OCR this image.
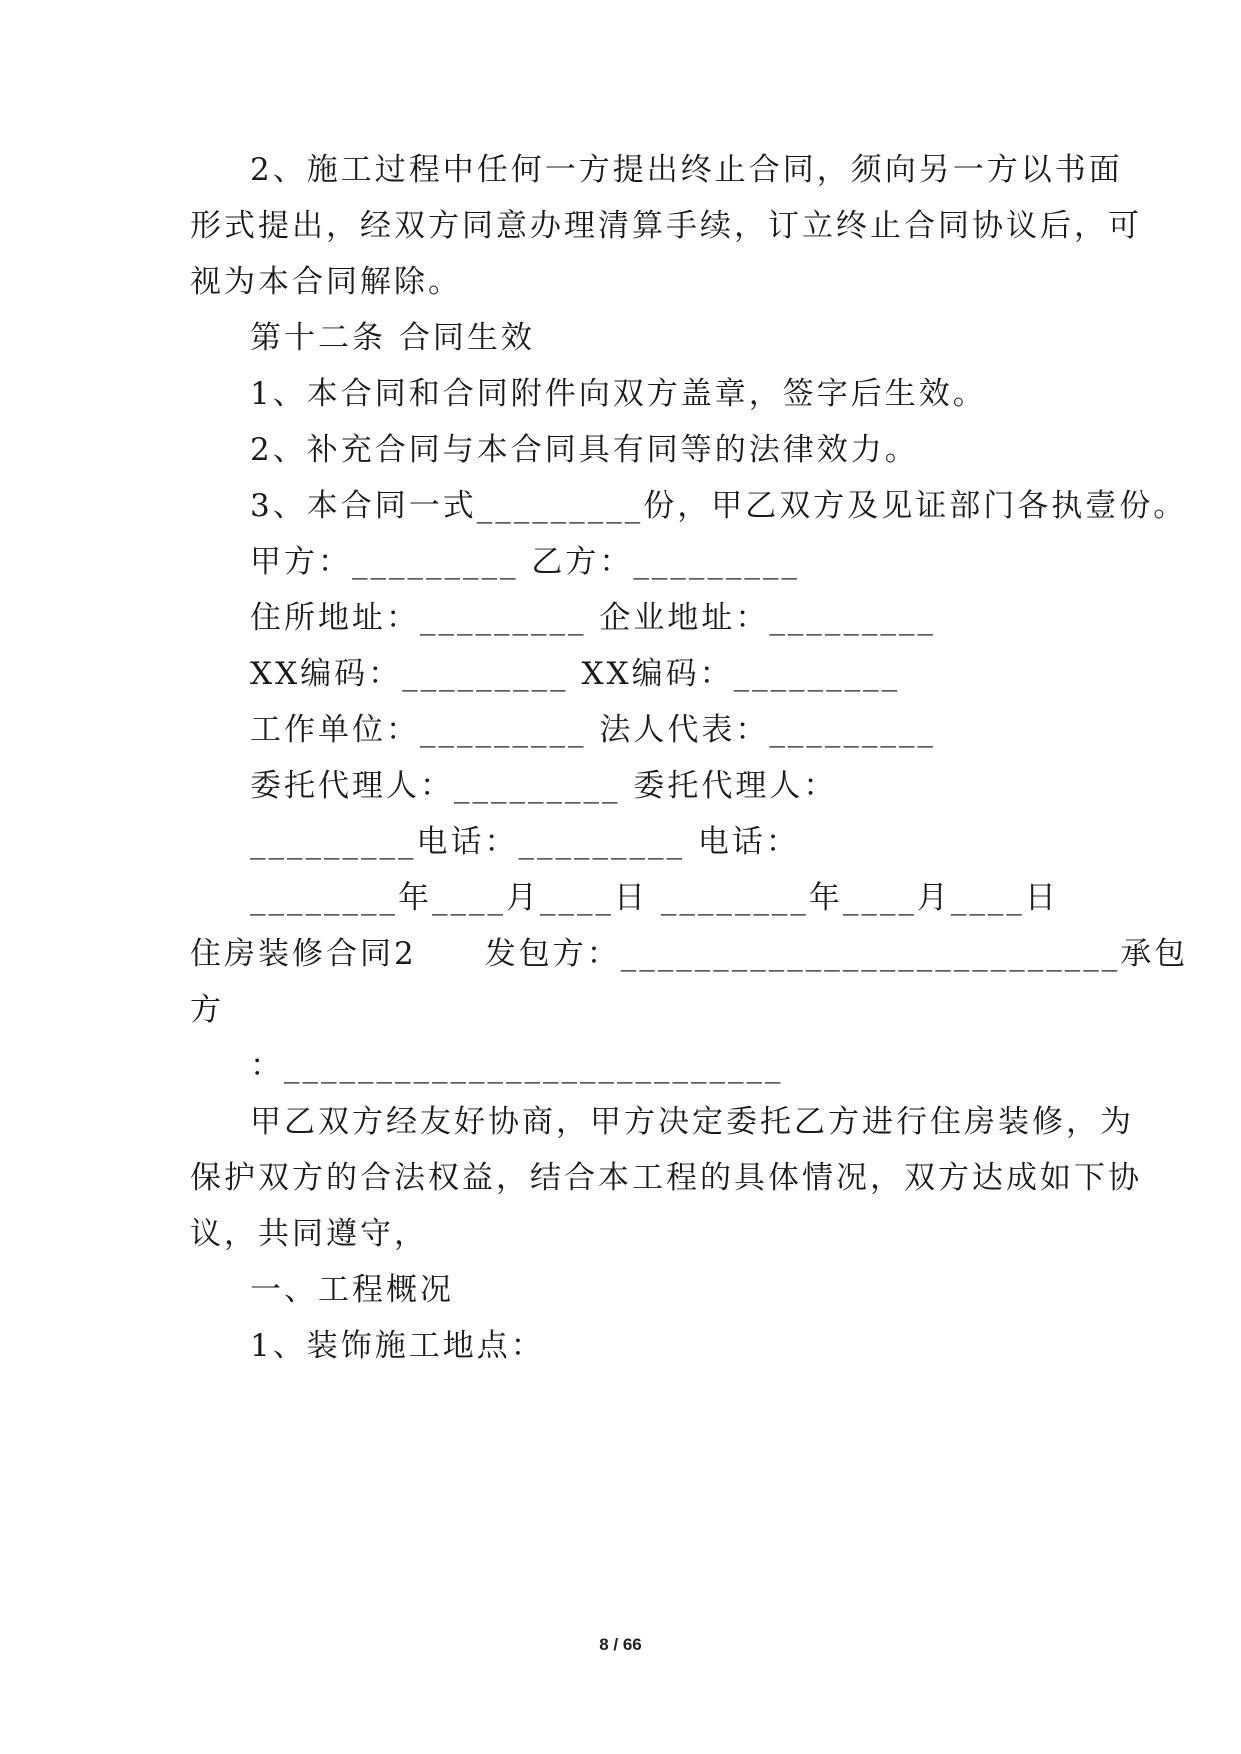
2、施工过程中任何一方提出终止合同，须向另一方以书面
形式提出，经双方同意办理清算手续，订立终止合同协议后，可
视为本合同解除。
第十二条 合同生效
1、本合同和合同附件向双方盖章，签字后生效。
2、补充合同与本合同具有同等的法律效力。
3、本合同一式_________份，甲乙双方及见证部门各执壹份。
甲方：_________ 乙方：_________
住所地址：_________ 企业地址：_________
XX编码：_________ XX编码：_________
工作单位：_________ 法人代表：_________
委托代理人：_________ 委托代理人：
_________电话：_________ 电话：
________年____月____日 ________年____月____日
住房装修合同2　　发包方：___________________________承包
方
：___________________________
甲乙双方经友好协商，甲方决定委托乙方进行住房装修，为
保护双方的合法权益，结合本工程的具体情况，双方达成如下协
议，共同遵守，
一、工程概况
1、装饰施工地点：
8 / 66
